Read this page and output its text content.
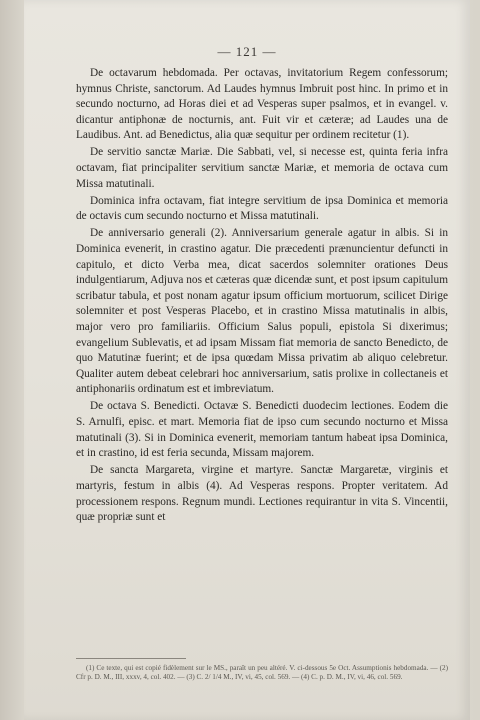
— 121 —

De octavarum hebdomada. Per octavas, invitatorium Regem confessorum; hymnus Christe, sanctorum. Ad Laudes hymnus Imbruit post hinc. In primo et in secundo nocturno, ad Horas diei et ad Vesperas super psalmos, et in evangel. v. dicantur antiphonæ de nocturnis, ant. Fuit vir et cæteræ; ad Laudes una de Laudibus. Ant. ad Benedictus, alia quæ sequitur per ordinem recitetur (1).

De servitio sanctæ Mariæ. Die Sabbati, vel, si necesse est, quinta feria infra octavam, fiat principaliter servitium sanctæ Mariæ, et memoria de octava cum Missa matutinali.

Dominica infra octavam, fiat integre servitium de ipsa Dominica et memoria de octavis cum secundo nocturno et Missa matutinali.

De anniversario generali (2). Anniversarium generale agatur in albis. Si in Dominica evenerit, in crastino agatur. Die præcedenti prænuncientur defuncti in capitulo, et dicto Verba mea, dicat sacerdos solemniter orationes Deus indulgentiarum, Adjuva nos et cæteras quæ dicendæ sunt, et post ipsum capitulum scribatur tabula, et post nonam agatur ipsum officium mortuorum, scilicet Dirige solemniter et post Vesperas Placebo, et in crastino Missa matutinalis in albis, major vero pro familiariis. Officium Salus populi, epistola Si dixerimus; evangelium Sublevatis, et ad ipsam Missam fiat memoria de sancto Benedicto, de quo Matutinæ fuerint; et de ipsa quœdam Missa privatim ab aliquo celebretur. Qualiter autem debeat celebrari hoc anniversarium, satis prolixe in collectaneis et antiphonariis ordinatum est et imbreviatum.

De octava S. Benedicti. Octavæ S. Benedicti duodecim lectiones. Eodem die S. Arnulfi, episc. et mart. Memoria fiat de ipso cum secundo nocturno et Missa matutinali (3). Si in Dominica evenerit, memoriam tantum habeat ipsa Dominica, et in crastino, id est feria secunda, Missam majorem.

De sancta Margareta, virgine et martyre. Sanctæ Margaretæ, virginis et martyris, festum in albis (4). Ad Vesperas respons. Propter veritatem. Ad processionem respons. Regnum mundi. Lectiones requirantur in vita S. Vincentii, quæ propriæ sunt et

(1) Ce texte, qui est copié fidèlement sur le MS., paraît un peu altéré. V. ci-dessous 5e Oct. Assumptionis hebdomada. — (2) Cfr p. D. M., III, xxxv, 4, col. 402. — (3) C. 2/ 1/4 M., IV, vi, 45, col. 569. — (4) C. p. D. M., IV, vi, 46, col. 569.
